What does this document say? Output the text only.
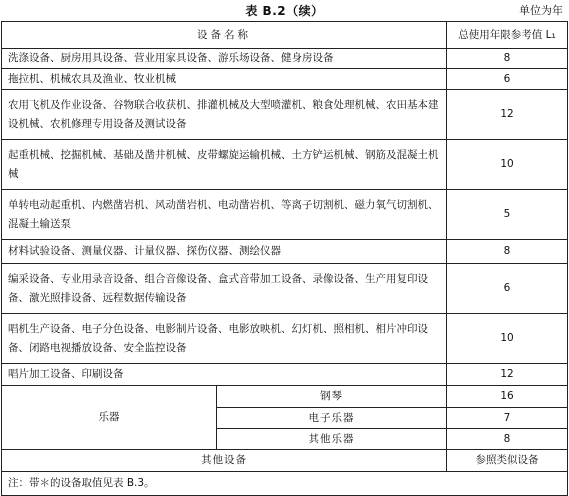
表 B.2（续）	单位为年
设备名称		总使用年限参考值 L₁
洗涤设备、厨房用具设备、营业用家具设备、游乐场设备、健身房设备		8
拖拉机、机械农具及渔业、牧业机械		6
农用飞机及作业设备、谷物联合收获机、排灌机械及大型喷灌机、粮食处理机械、农田基本建设机械、农机修理专用设备及测试设备		12
起重机械、挖掘机械、基础及凿井机械、皮带螺旋运输机械、土方铲运机械、钢筋及混凝土机械		10
单转电动起重机、内燃凿岩机、风动凿岩机、电动凿岩机、等离子切割机、磁力氧气切割机、混凝土输送泵		5
材料试验设备、测量仪器、计量仪器、探伤仪器、测绘仪器		8
编采设备、专业用录音设备、组合音像设备、盒式音带加工设备、录像设备、生产用复印设备、激光照排设备、远程数据传输设备		6
唱机生产设备、电子分色设备、电影制片设备、电影放映机、幻灯机、照相机、相片冲印设备、闭路电视播放设备、安全监控设备		10
唱片加工设备、印刷设备		12
乐器	钢琴	16
	电子乐器	7
	其他乐器	8
其他设备		参照类似设备
注：带＊的设备取值见表 B.3。		
